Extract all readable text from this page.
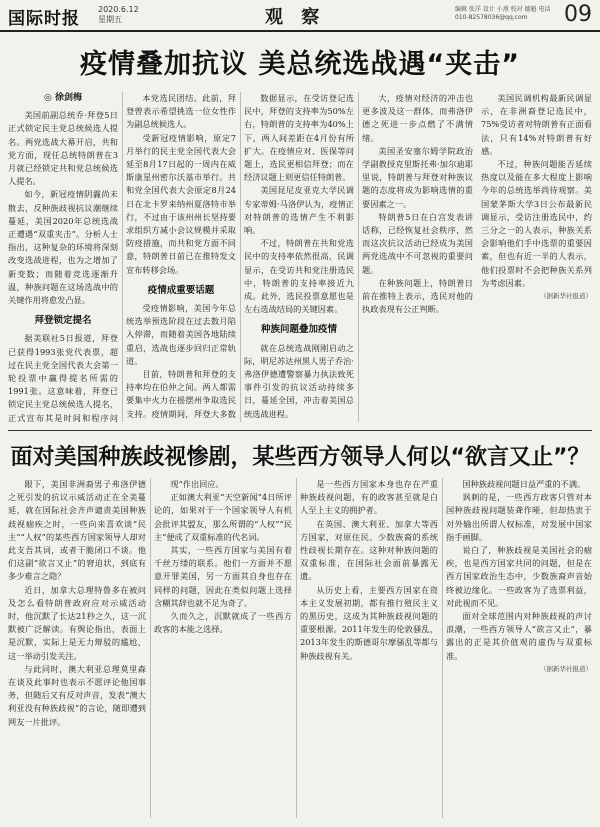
国际时报 2020.6.12
星期五	观 察	编辑 张洋 设计 小燕 校对 德魁 电话 010-82578036@qq.com	09
疫情叠加抗议 美总统选战遇“夹击”
◎ 徐剑梅

美国前副总统乔·拜登5日正式锁定民主党总统候选人提名。两党选战大幕开启，共和党方面，现任总统特朗普在3月就已经锁定共和党总统候选人提名。

如今，新冠疫情阴霾尚未散去，反种族歧视抗议潮继续蔓延，美国2020年总统选战正遭遇“双重夹击”。分析人士指出，这种复杂的环境将深刻改变选战进程，也为之增加了新变数；而随着竞选逐渐升温，种族问题在这场选战中的关键作用将愈发凸显。

拜登锁定提名

据美联社5日报道，拜登已获得1993张党代表票，超过在民主党全国代表大会第一轮投票中赢得提名所需的1991张。这意味着，拜登已锁定民主党总统候选人提名，正式宣布其是时间和程序问

本党选民团结。此前，拜登曾表示希望挑选一位女性作为副总统候选人。

受新冠疫情影响，原定7月举行的民主党全国代表大会延至8月17日起的一周内在威斯康星州密尔沃基市举行。共和党全国代表大会原定8月24日在北卡罗来纳州夏洛特市举行，不过由于该州州长坚持要求组织方减小会议规模并采取防疫措施，而共和党方面不同意，特朗普日前已在推特发文宣布转移会场。

疫情成重要话题

受疫情影响，美国今年总统选举预选阶段在过去数月陷入停滞，而随着美国各地陆续重启，选战也逐步回归正常轨道。

目前，特朗普和拜登的支持率均在伯仲之间。两人都需要集中火力在摇摆州争取选民支持。疫情期间，拜登大多数

数据显示，在受访登记选民中，拜登的支持率为50%左右，特朗普的支持率为40%上下，两人间差距在4月份有所扩大。在疫情应对、医保等问题上，选民更相信拜登；而在经济议题上则更信任特朗普。

美国昆尼皮亚克大学民调专家蒂姆·马洛伊认为，疫情正对特朗普的选情产生不利影响。

不过，特朗普在共和党选民中的支持率依然很高，民调显示，在受访共和党注册选民中，特朗普的支持率接近九成。此外，选民投票意愿也是左右选战结局的关键因素。

种族问题叠加疫情

就在总统选战刚刚启动之际，明尼苏达州黑人男子乔治·弗洛伊德遭警察暴力执法致死事件引发的抗议活动持续多日，蔓延全国，冲击着美国总统选战进程。

大，疫情对经济的冲击也更多波及这一群体，而弗洛伊德之死进一步点燃了不满情绪。

美国圣安塞尔姆学院政治学副教授克里斯托弗·加尔迪耶里说，特朗普与拜登对种族议题的态度将成为影响选情的重要因素之一。

特朗普5日在白宫发表讲话称，已经恢复社会秩序，然而这次抗议活动已经成为美国两党选战中不可忽视的重要问题。

在种族问题上，特朗普日前在推特上表示，选民对他的执政表现有公正判断。

美国民调机构最新民调显示，在非洲裔登记选民中，75%受访者对特朗普有正面看法，只有14%对特朗普有好感。

不过，种族问题能否延续热度以及能在多大程度上影响今年的总统选举尚待观察。美国蒙茅斯大学3日公布最新民调显示，受访注册选民中，约三分之一的人表示，种族关系会影响他们手中选票的重要因素，但也有近一半的人表示，他们投票时不会把种族关系列为考虑因素。

（据新华社报道）
面对美国种族歧视惨剧，某些西方领导人何以“欲言又止”？

眼下，美国非洲裔男子弗洛伊德之死引发的抗议示威活动正在全美蔓延，就在国际社会齐声谴责美国种族歧视痼疾之时，一些向来喜欢谈“民主”“人权”的某些西方国家领导人却对此支吾其词，或者干脆闭口不谈。他们这副“欲言又止”的窘迫状，到底有多少难言之隐？

近日，加拿大总理特鲁多在被问及怎么看特朗普政府应对示威活动时，他沉默了长达21秒之久，这一沉默被广泛解读。有舆论指出，表面上是沉默，实际上是无力辩驳的尴尬，这一举动引发关注。

与此同时，澳大利亚总理莫里森在谈及此事时也表示不愿评论他国事务，但随后又有反对声音，发表“澳大利亚没有种族歧视”的言论，随即遭到网友一片批评。

现“作出回应。

正如澳大利亚“天空新闻”4日所评论的，如果对于一个国家领导人有机会批评其盟友，那么所谓的“人权”“民主”便成了双重标准的代名词。

其实，一些西方国家与美国有着千丝万缕的联系。他们一方面并不愿意开罪美国，另一方面其自身也存在同样的问题，因此在类似问题上选择含糊其辞也就不足为奇了。

久而久之，沉默就成了一些西方政客的本能之选择。

是一些西方国家本身也存在严重种族歧视问题，有的政客甚至就是白人至上主义的拥护者。

在英国、澳大利亚、加拿大等西方国家，对原住民、少数族裔的系统性歧视长期存在。这种对种族问题的双重标准，在国际社会面前暴露无遗。

从历史上看，主要西方国家在资本主义发展初期，都有推行殖民主义的黑历史，这成为其种族歧视问题的重要根源。2011年发生的伦敦骚乱，2013年发生的斯德哥尔摩骚乱等都与种族歧视有关。

国种族歧视问题日益严重的不满。

讽刺的是，一些西方政客只管对本国种族歧视问题装聋作哑，但却热衷于对外输出所谓人权标准，对发展中国家指手画脚。

说白了，种族歧视是美国社会的痼疾，也是西方国家共同的问题，但是在西方国家政治生态中，少数族裔声音始终被边缘化。一些政客为了选票利益，对此视而不见。

面对全球范围内对种族歧视的声讨浪潮，一些西方领导人“欲言又止”，暴露出的正是其价值观的虚伪与双重标准。

（据新华社报道）
